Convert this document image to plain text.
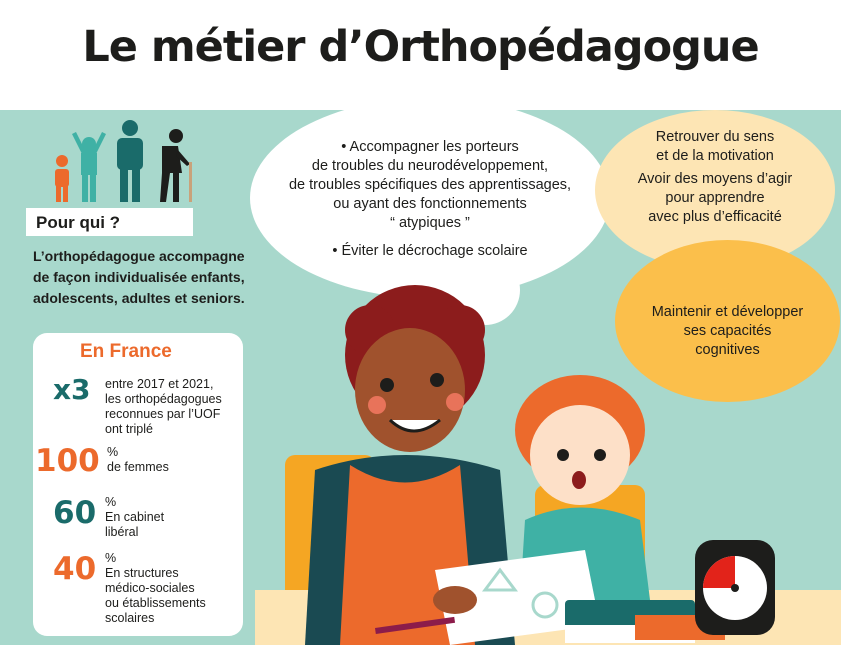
Le métier d’Orthopédagogue
Pour qui ?
L’orthopédagogue accompagne
de façon individualisée enfants,
adolescents, adultes et seniors.
En France
x3 entre 2017 et 2021,
les orthopédagogues
reconnues par l’UOF
ont triplé
100 %
de femmes
60 %
En cabinet
libéral
40 %
En structures
médico-sociales
ou établissements
scolaires
• Accompagner les porteurs
de troubles du neurodéveloppement,
de troubles spécifiques des apprentissages,
ou ayant des fonctionnements
“ atypiques ”
• Éviter le décrochage scolaire
Retrouver du sens
et de la motivation
Avoir des moyens d’agir
pour apprendre
avec plus d’efficacité
Maintenir et développer
ses capacités
cognitives
